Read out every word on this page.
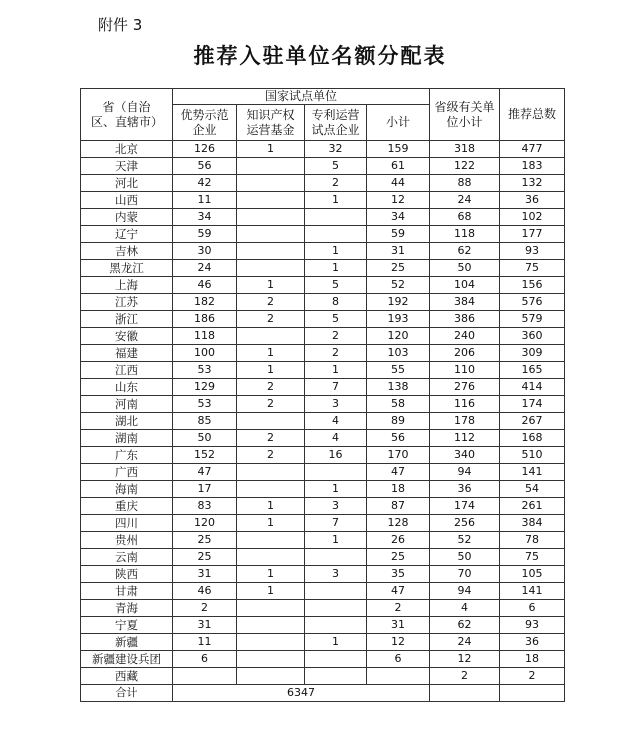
附件 3
推荐入驻单位名额分配表
省（自治区、直辖市）	国家试点单位				省级有关单位小计	推荐总数
	优势示范企业	知识产权运营基金	专利运营试点企业	小计		
北京	126	1	32	159	318	477
天津	56		5	61	122	183
河北	42		2	44	88	132
山西	11		1	12	24	36
内蒙	34			34	68	102
辽宁	59			59	118	177
吉林	30		1	31	62	93
黑龙江	24		1	25	50	75
上海	46	1	5	52	104	156
江苏	182	2	8	192	384	576
浙江	186	2	5	193	386	579
安徽	118		2	120	240	360
福建	100	1	2	103	206	309
江西	53	1	1	55	110	165
山东	129	2	7	138	276	414
河南	53	2	3	58	116	174
湖北	85		4	89	178	267
湖南	50	2	4	56	112	168
广东	152	2	16	170	340	510
广西	47			47	94	141
海南	17		1	18	36	54
重庆	83	1	3	87	174	261
四川	120	1	7	128	256	384
贵州	25		1	26	52	78
云南	25			25	50	75
陕西	31	1	3	35	70	105
甘肃	46	1		47	94	141
青海	2			2	4	6
宁夏	31			31	62	93
新疆	11		1	12	24	36
新疆建设兵团	6			6	12	18
西藏					2	2
合计	6347					
